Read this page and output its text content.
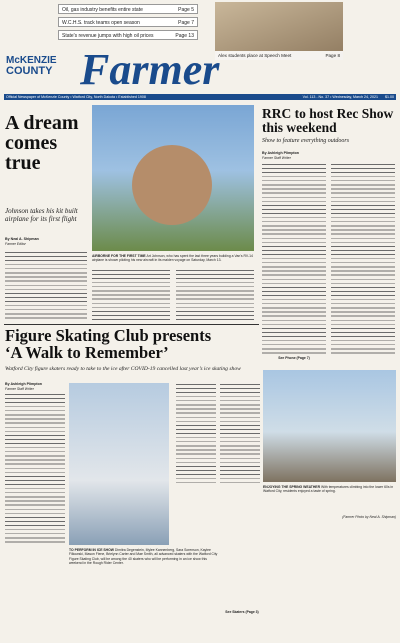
Oil, gas industry benefits entire state	Page 5
W.C.H.S. track teams open season	Page 7
State's revenue jumps with high oil prices	Page 13
Alex students place at Speech Meet	Page 8
McKENZIE
COUNTY Farmer
Official Newspaper of McKenzie County • Watford City, North Dakota • Established 1908	Vol. 113 - No. 37 • Wednesday, March 24, 2021 $1.00
A dream comes true
Johnson takes his kit built airplane for its first flight
By Neal A. Shipman
Farmer Editor
AIRBORNE FOR THE FIRST TIME Art Johnson, who has spent the last three years building a Van's RV-14 airplane is shown piloting his new aircraft in its maiden voyage on Saturday, March 13.
RRC to host Rec Show this weekend
Show to feature everything outdoors
By Ashleigh Plimpton
Farmer Staff Writer
See Phone (Page 7)
Figure Skating Club presents
‘A Walk to Remember’
Watford City figure skaters ready to take to the ice after COVID-19 cancelled last year’s ice skating show
By Ashleigh Plimpton
Farmer Staff Writer
TO PERFORM IN ICE SHOW Dimitra Degenstein, Mylee Kannenberg, Sara Sorenson, Kaylee Filkowski, Mason Fiene, Brielynn Carter and Mae Smith, all advanced skaters with the Watford City Figure Skating Club, will be among the 40 skaters who will be performing in an ice show this weekend in the Rough Rider Center.
See Skaters (Page 3)
ENJOYING THE SPRING WEATHER With temperatures climbing into the lower 60s in Watford City, residents enjoyed a taste of spring.
(Farmer Photo by Neal A. Shipman)
